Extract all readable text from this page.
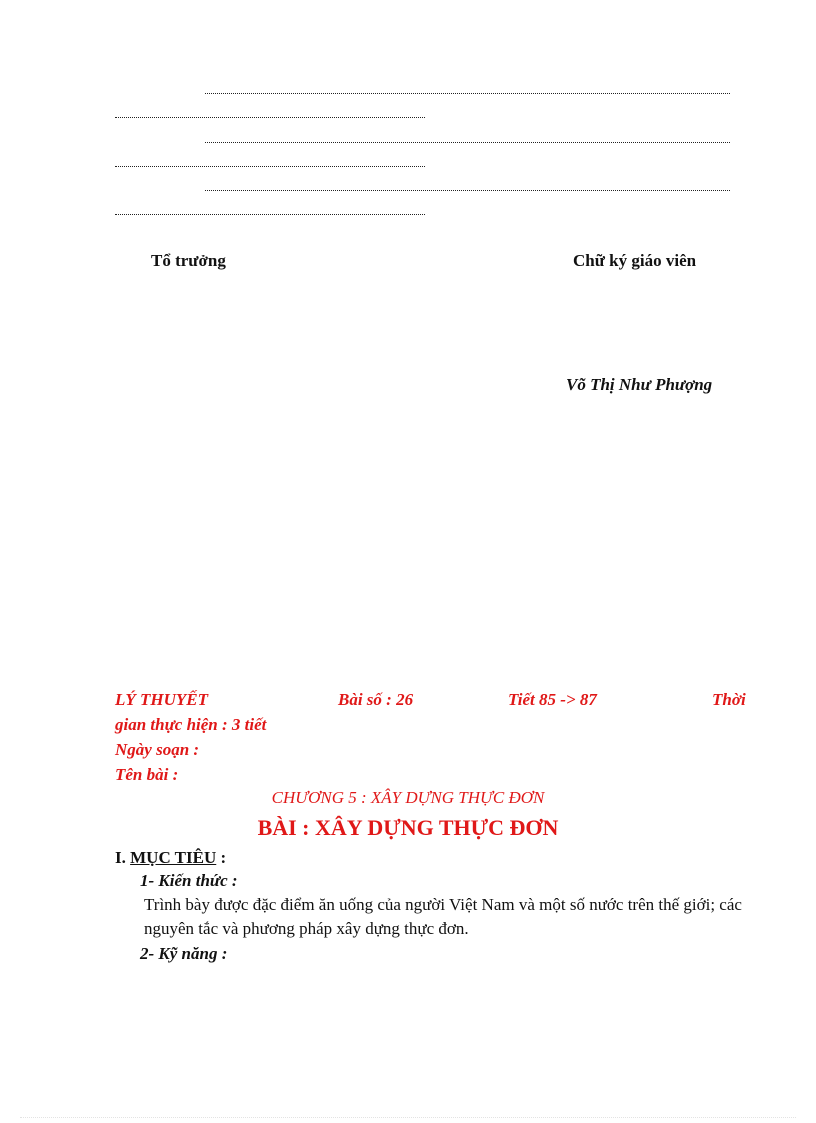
Tổ trưởng	Chữ ký giáo viên
Võ Thị Như Phượng
LÝ THUYẾT	Bài số : 26	Tiết 85 -> 87	Thời
gian thực hiện : 3 tiết
Ngày soạn :
Tên bài :
CHƯƠNG 5 : XÂY DỰNG THỰC ĐƠN
BÀI : XÂY DỰNG THỰC ĐƠN
I. MỤC TIÊU :
1- Kiến thức :
Trình bày được đặc điểm ăn uống của người Việt Nam và một số nước trên thế giới; các nguyên tắc và phương pháp xây dựng thực đơn.
2- Kỹ năng :
